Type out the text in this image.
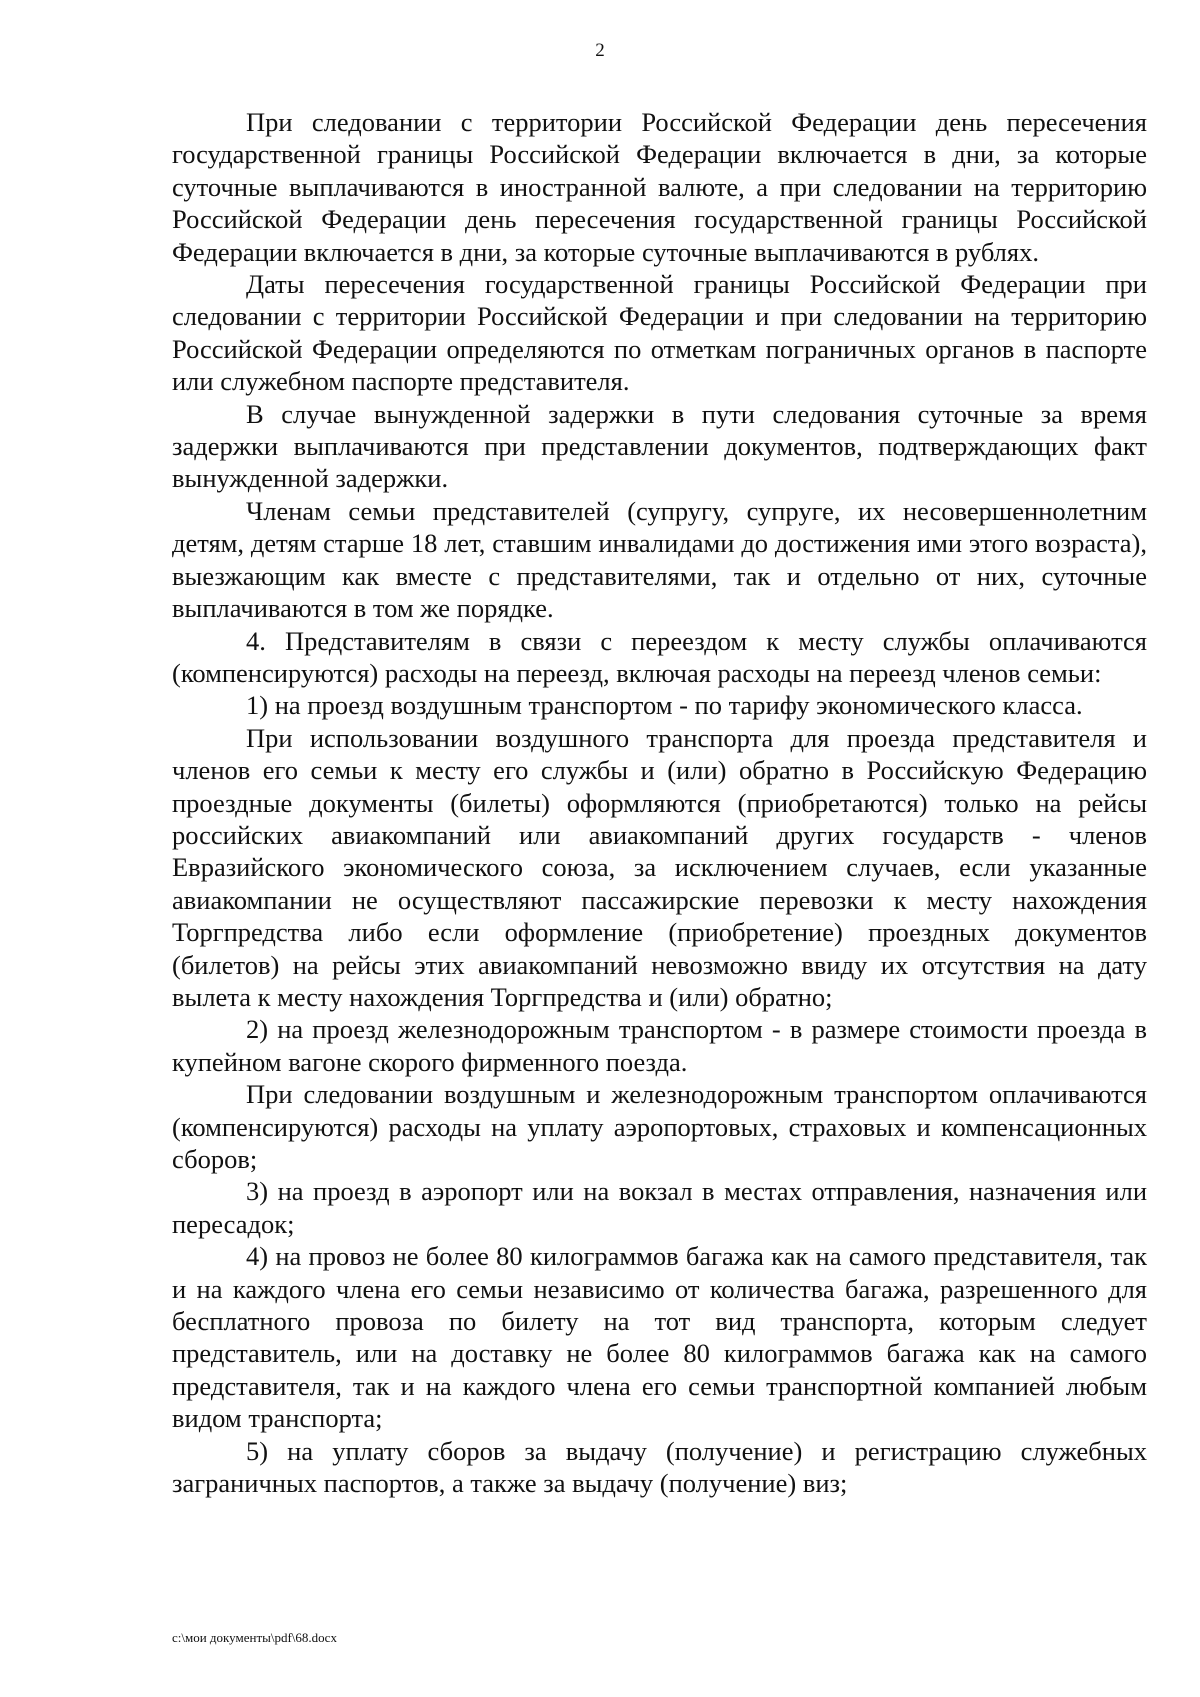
2

При следовании с территории Российской Федерации день пересечения государственной границы Российской Федерации включается в дни, за которые суточные выплачиваются в иностранной валюте, а при следовании на территорию Российской Федерации день пересечения государственной границы Российской Федерации включается в дни, за которые суточные выплачиваются в рублях.

Даты пересечения государственной границы Российской Федерации при следовании с территории Российской Федерации и при следовании на территорию Российской Федерации определяются по отметкам пограничных органов в паспорте или служебном паспорте представителя.

В случае вынужденной задержки в пути следования суточные за время задержки выплачиваются при представлении документов, подтверждающих факт вынужденной задержки.

Членам семьи представителей (супругу, супруге, их несовершеннолетним детям, детям старше 18 лет, ставшим инвалидами до достижения ими этого возраста), выезжающим как вместе с представителями, так и отдельно от них, суточные выплачиваются в том же порядке.

4. Представителям в связи с переездом к месту службы оплачиваются (компенсируются) расходы на переезд, включая расходы на переезд членов семьи:

1) на проезд воздушным транспортом - по тарифу экономического класса.

При использовании воздушного транспорта для проезда представителя и членов его семьи к месту его службы и (или) обратно в Российскую Федерацию проездные документы (билеты) оформляются (приобретаются) только на рейсы российских авиакомпаний или авиакомпаний других государств - членов Евразийского экономического союза, за исключением случаев, если указанные авиакомпании не осуществляют пассажирские перевозки к месту нахождения Торгпредства либо если оформление (приобретение) проездных документов (билетов) на рейсы этих авиакомпаний невозможно ввиду их отсутствия на дату вылета к месту нахождения Торгпредства и (или) обратно;

2) на проезд железнодорожным транспортом - в размере стоимости проезда в купейном вагоне скорого фирменного поезда.

При следовании воздушным и железнодорожным транспортом оплачиваются (компенсируются) расходы на уплату аэропортовых, страховых и компенсационных сборов;

3) на проезд в аэропорт или на вокзал в местах отправления, назначения или пересадок;

4) на провоз не более 80 килограммов багажа как на самого представителя, так и на каждого члена его семьи независимо от количества багажа, разрешенного для бесплатного провоза по билету на тот вид транспорта, которым следует представитель, или на доставку не более 80 килограммов багажа как на самого представителя, так и на каждого члена его семьи транспортной компанией любым видом транспорта;

5) на уплату сборов за выдачу (получение) и регистрацию служебных заграничных паспортов, а также за выдачу (получение) виз;

c:\мои документы\pdf\68.docx
